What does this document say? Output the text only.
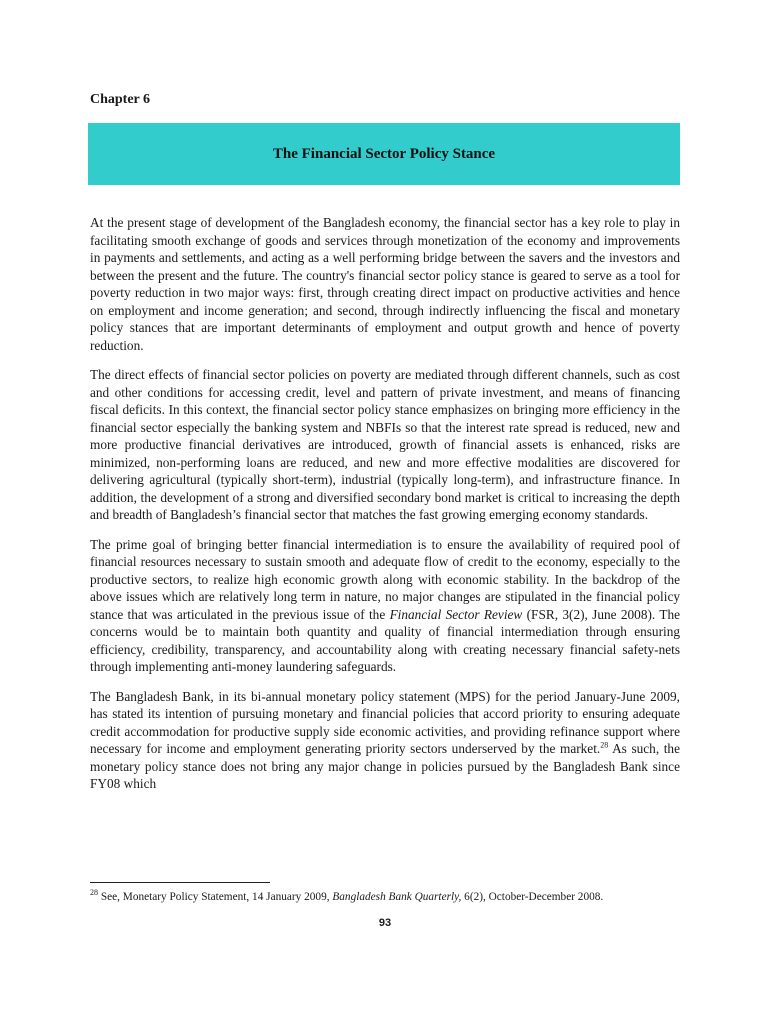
Chapter 6
The Financial Sector Policy Stance

At the present stage of development of the Bangladesh economy, the financial sector has a key role to play in facilitating smooth exchange of goods and services through monetization of the economy and improvements in payments and settlements, and acting as a well performing bridge between the savers and the investors and between the present and the future. The country's financial sector policy stance is geared to serve as a tool for poverty reduction in two major ways: first, through creating direct impact on productive activities and hence on employment and income generation; and second, through indirectly influencing the fiscal and monetary policy stances that are important determinants of employment and output growth and hence of poverty reduction.

The direct effects of financial sector policies on poverty are mediated through different channels, such as cost and other conditions for accessing credit, level and pattern of private investment, and means of financing fiscal deficits. In this context, the financial sector policy stance emphasizes on bringing more efficiency in the financial sector especially the banking system and NBFIs so that the interest rate spread is reduced, new and more productive financial derivatives are introduced, growth of financial assets is enhanced, risks are minimized, non-performing loans are reduced, and new and more effective modalities are discovered for delivering agricultural (typically short-term), industrial (typically long-term), and infrastructure finance. In addition, the development of a strong and diversified secondary bond market is critical to increasing the depth and breadth of Bangladesh’s financial sector that matches the fast growing emerging economy standards.

The prime goal of bringing better financial intermediation is to ensure the availability of required pool of financial resources necessary to sustain smooth and adequate flow of credit to the economy, especially to the productive sectors, to realize high economic growth along with economic stability. In the backdrop of the above issues which are relatively long term in nature, no major changes are stipulated in the financial policy stance that was articulated in the previous issue of the Financial Sector Review (FSR, 3(2), June 2008). The concerns would be to maintain both quantity and quality of financial intermediation through ensuring efficiency, credibility, transparency, and accountability along with creating necessary financial safety-nets through implementing anti-money laundering safeguards.

The Bangladesh Bank, in its bi-annual monetary policy statement (MPS) for the period January-June 2009, has stated its intention of pursuing monetary and financial policies that accord priority to ensuring adequate credit accommodation for productive supply side economic activities, and providing refinance support where necessary for income and employment generating priority sectors underserved by the market.$^{28}$ As such, the monetary policy stance does not bring any major change in policies pursued by the Bangladesh Bank since FY08 which

$^{28}$ See, Monetary Policy Statement, 14 January 2009, Bangladesh Bank Quarterly, 6(2), October-December 2008.
93
